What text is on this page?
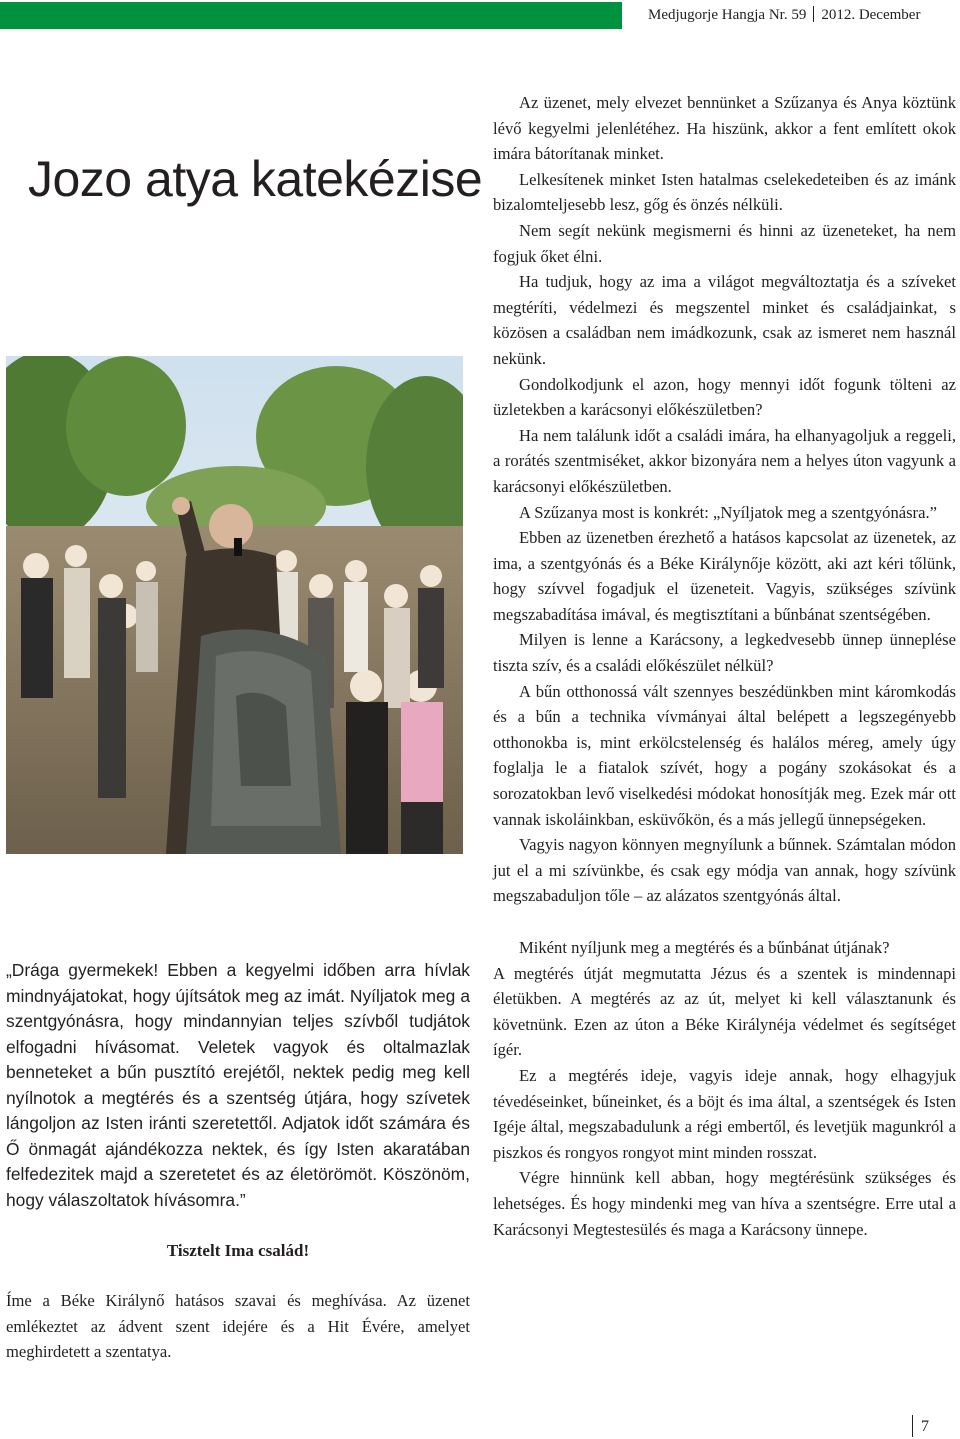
Medjugorje Hangja Nr. 59 2012. December
Jozo atya katekézise

„Drága gyermekek! Ebben a kegyelmi időben arra hívlak mindnyájatokat, hogy újítsátok meg az imát. Nyíljatok meg a szentgyónásra, hogy mindannyian teljes szívből tudjátok elfogadni hívásomat. Veletek vagyok és oltalmazlak benneteket a bűn pusztító erejétől, nektek pedig meg kell nyílnotok a megtérés és a szentség útjára, hogy szívetek lángoljon az Isten iránti szeretettől. Adjatok időt számára és Ő önmagát ajándékozza nektek, és így Isten akaratában felfedezitek majd a szeretetet és az életörömöt. Köszönöm, hogy válaszoltatok hívásomra.”

Tisztelt Ima család!

Íme a Béke Királynő hatásos szavai és meghívása. Az üzenet emlékeztet az ádvent szent idejére és a Hit Évére, amelyet meghirdetett a szentatya.

Az üzenet, mely elvezet bennünket a Szűzanya és Anya köztünk lévő kegyelmi jelenlétéhez. Ha hiszünk, akkor a fent említett okok imára bátorítanak minket.

Lelkesítenek minket Isten hatalmas cselekedeteiben és az imánk bizalomteljesebb lesz, gőg és önzés nélküli.

Nem segít nekünk megismerni és hinni az üzeneteket, ha nem fogjuk őket élni.

Ha tudjuk, hogy az ima a világot megváltoztatja és a szíveket megtéríti, védelmezi és megszentel minket és családjainkat, s közösen a családban nem imádkozunk, csak az ismeret nem használ nekünk.

Gondolkodjunk el azon, hogy mennyi időt fogunk tölteni az üzletekben a karácsonyi előkészületben?

Ha nem találunk időt a családi imára, ha elhanyagoljuk a reggeli, a rorátés szentmiséket, akkor bizonyára nem a helyes úton vagyunk a karácsonyi előkészületben.

A Szűzanya most is konkrét: „Nyíljatok meg a szentgyónásra.”

Ebben az üzenetben érezhető a hatásos kapcsolat az üzenetek, az ima, a szentgyónás és a Béke Királynője között, aki azt kéri tőlünk, hogy szívvel fogadjuk el üzeneteit. Vagyis, szükséges szívünk megszabadítása imával, és megtisztítani a bűnbánat szentségében.

Milyen is lenne a Karácsony, a legkedvesebb ünnep ünneplése tiszta szív, és a családi előkészület nélkül?

A bűn otthonossá vált szennyes beszédünkben mint káromkodás és a bűn a technika vívmányai által belépett a legszegényebb otthonokba is, mint erkölcstelenség és halálos méreg, amely úgy foglalja le a fiatalok szívét, hogy a pogány szokásokat és a sorozatokban levő viselkedési módokat honosítják meg. Ezek már ott vannak iskoláinkban, esküvőkön, és a más jellegű ünnepségeken.

Vagyis nagyon könnyen megnyílunk a bűnnek. Számtalan módon jut el a mi szívünkbe, és csak egy módja van annak, hogy szívünk megszabaduljon tőle – az alázatos szentgyónás által.

Miként nyíljunk meg a megtérés és a bűnbánat útjának?

A megtérés útját megmutatta Jézus és a szentek is mindennapi életükben. A megtérés az az út, melyet ki kell választanunk és követnünk. Ezen az úton a Béke Királynéja védelmet és segítséget ígér.

Ez a megtérés ideje, vagyis ideje annak, hogy elhagyjuk tévedéseinket, bűneinket, és a böjt és ima által, a szentségek és Isten Igéje által, megszabadulunk a régi embertől, és levetjük magunkról a piszkos és rongyos rongyot mint minden rosszat.

Végre hinnünk kell abban, hogy megtérésünk szükséges és lehetséges. És hogy mindenki meg van híva a szentségre. Erre utal a Karácsonyi Megtestesülés és maga a Karácsony ünnepe.

7
